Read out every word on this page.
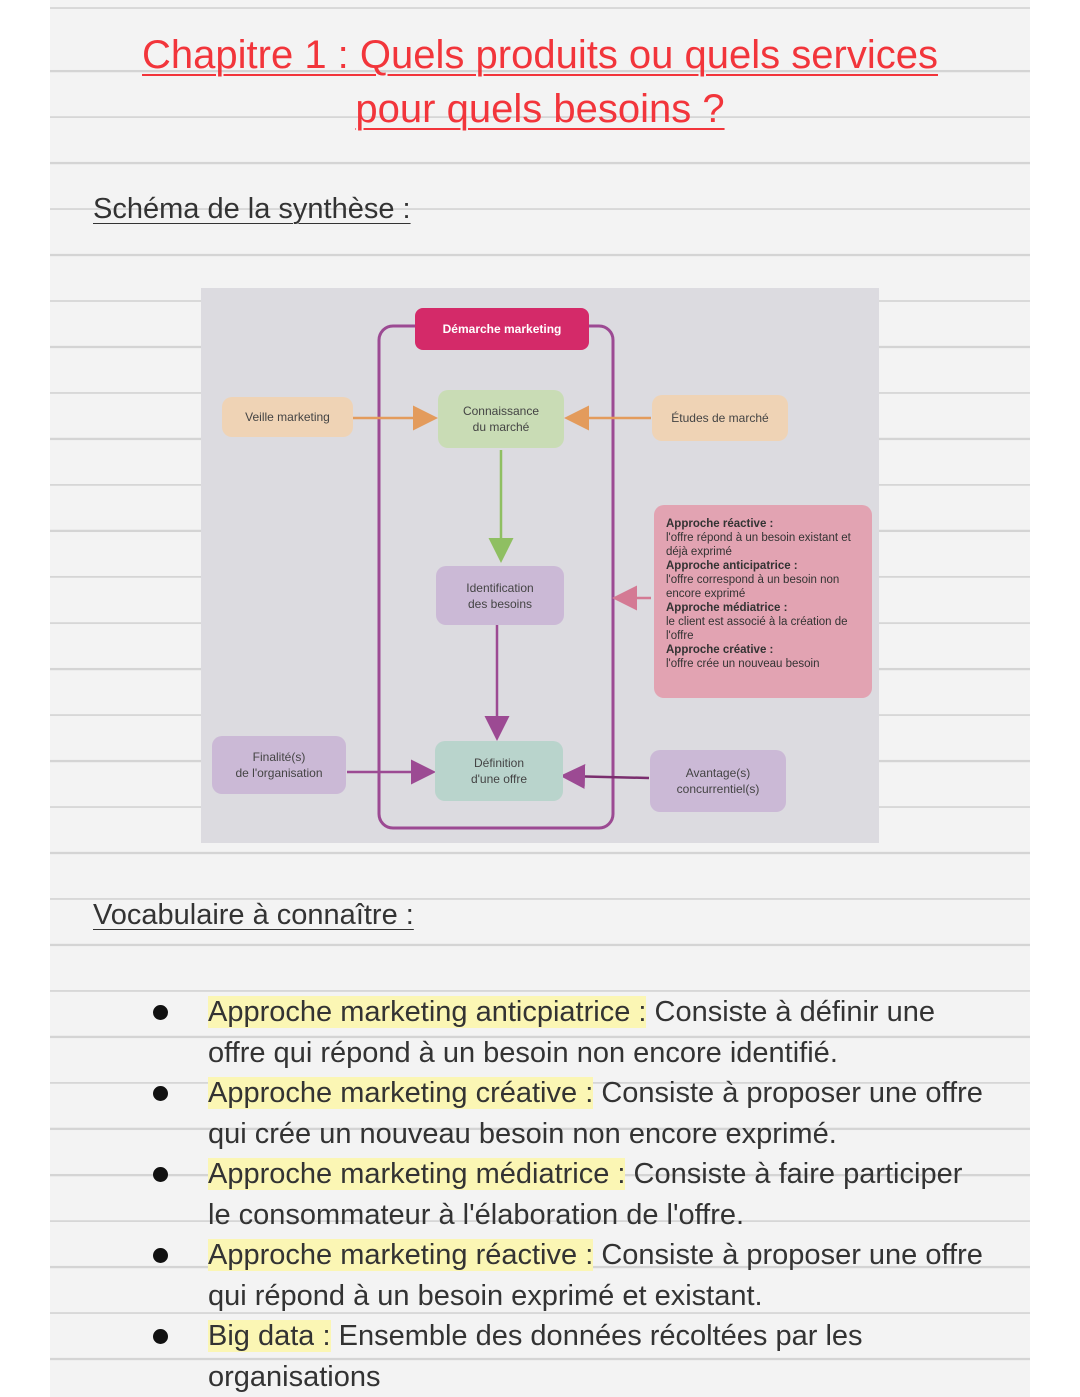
Chapitre 1 : Quels produits ou quels services
pour quels besoins ?
Schéma de la synthèse :
Démarche marketing
Veille marketing	Connaissance
du marché
Études de marché
Identification
des besoins
Approche réactive :
l'offre répond à un besoin existant et déjà exprimé
Approche anticipatrice :
l'offre correspond à un besoin non encore exprimé
Approche médiatrice :
le client est associé à la création de l'offre
Approche créative :
l'offre crée un nouveau besoin
Finalité(s)
de l'organisation
Définition
d'une offre	Avantage(s)
concurrentiel(s)
Vocabulaire à connaître :
Approche marketing anticpiatrice : Consiste à définir une offre qui répond à un besoin non encore identifié.
Approche marketing créative : Consiste à proposer une offre qui crée un nouveau besoin non encore exprimé.
Approche marketing médiatrice : Consiste à faire participer le consommateur à l'élaboration de l'offre.
Approche marketing réactive : Consiste à proposer une offre qui répond à un besoin exprimé et existant.
Big data : Ensemble des données récoltées par les organisations
